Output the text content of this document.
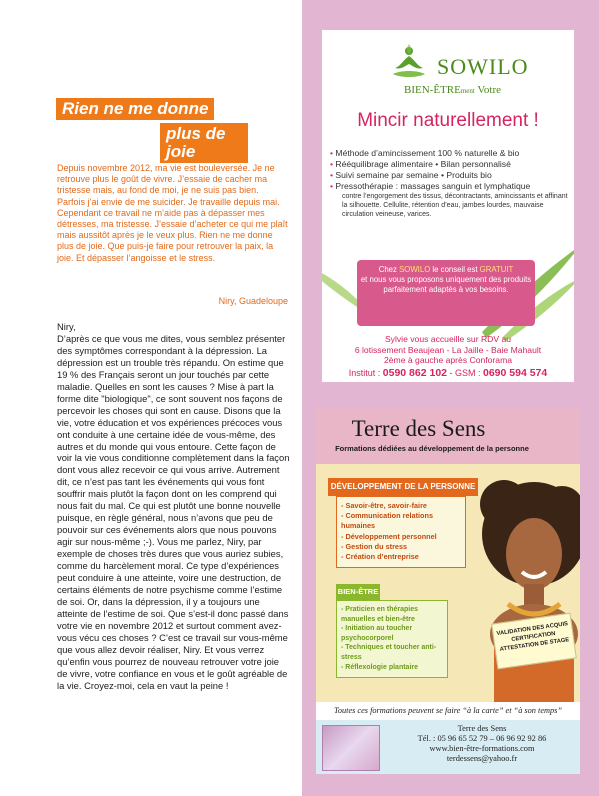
Rien ne me donne
plus de joie

Depuis novembre 2012, ma vie est bouleversée. Je ne retrouve plus le goût de vivre. J’essaie de cacher ma tristesse mais, au fond de moi, je ne suis pas bien. Parfois j’ai envie de me suicider. Je travaille depuis mai. Cependant ce travail ne m’aide pas à dépasser mes détresses, ma tristesse. J’essaie d’acheter ce qui me plaît mais aussitôt après je le veux plus. Rien ne me donne plus de joie. Que puis-je faire pour retrouver la paix, la joie. Et dépasser l’angoisse et le stress.

Niry, Guadeloupe

Niry,

D’après ce que vous me dites, vous semblez présenter des symptômes correspondant à la dépression. La dépression est un trouble très répandu. On estime que 19 % des Français seront un jour touchés par cette maladie. Quelles en sont les causes ? Mise à part la forme dite "biologique", ce sont souvent nos façons de percevoir les choses qui sont en cause. Disons que la vie, votre éducation et vos expériences précoces vous ont conduite à une certaine idée de vous-même, des autres et du monde qui vous entoure. Cette façon de voir la vie vous conditionne complètement dans la façon dont vous allez recevoir ce qui vous arrive. Autrement dit, ce n’est pas tant les événements qui vous font souffrir mais plutôt la façon dont on les comprend qui nous fait du mal. Ce qui est plutôt une bonne nouvelle puisque, en règle général, nous n’avons que peu de pouvoir sur ces événements alors que nous pouvons agir sur nous-même ;-). Vous me parlez, Niry, par exemple de choses très dures que vous auriez subies, comme du harcèlement moral. Ce type d’expériences peut conduire à une atteinte, voire une destruction, de certains éléments de notre psychisme comme l’estime de soi. Or, dans la dépression, il y a toujours une atteinte de l’estime de soi. Que s’est-il donc passé dans votre vie en novembre 2012 et surtout comment avez-vous vécu ces choses ? C’est ce travail sur vous-même que vous allez devoir réaliser, Niry. Et vous verrez qu’enfin vous pourrez de nouveau retrouver votre joie de vivre, votre confiance en vous et le goût agréable de la vie. Croyez-moi, cela en vaut la peine !

SOWILO
BIEN-ÊTREment Votre
Mincir naturellement !
• Méthode d’amincissement 100 % naturelle & bio
• Rééquilibrage alimentaire • Bilan personnalisé
• Suivi semaine par semaine • Produits bio
• Pressothérapie : massages sanguin et lymphatique
contre l’engorgement des tissus, décontractants, amincissants et affinant la silhouette. Cellulite, rétention d’eau, jambes lourdes, mauvaise circulation veineuse, varices.
Chez SOWILO le conseil est GRATUIT
et nous vous proposons uniquement des produits parfaitement adaptés à vos besoins.
Sylvie vous accueille sur RDV au
6 lotissement Beaujean - La Jaille - Baie Mahault
2ème à gauche après Conforama
Institut : 0590 862 102 - GSM : 0690 594 574
Terre des Sens
Formations dédiées au développement de la personne
DÉVELOPPEMENT DE LA PERSONNE
- Savoir-être, savoir-faire
- Communication relations humaines
- Développement personnel
- Gestion du stress
- Création d’entreprise
BIEN-ÊTRE
- Praticien en thérapies
manuelles et bien-être
- Initiation au toucher psychocorporel
- Techniques et toucher anti-stress
- Réflexologie plantaire
VALIDATION DES ACQUIS CERTIFICATION ATTESTATION DE STAGE
Toutes ces formations peuvent se faire “à la carte” et “à son temps”
Terre des Sens
Tél. : 05 96 65 52 79 – 06 96 92 92 86
www.bien-être-formations.com
terdessens@yahoo.fr
